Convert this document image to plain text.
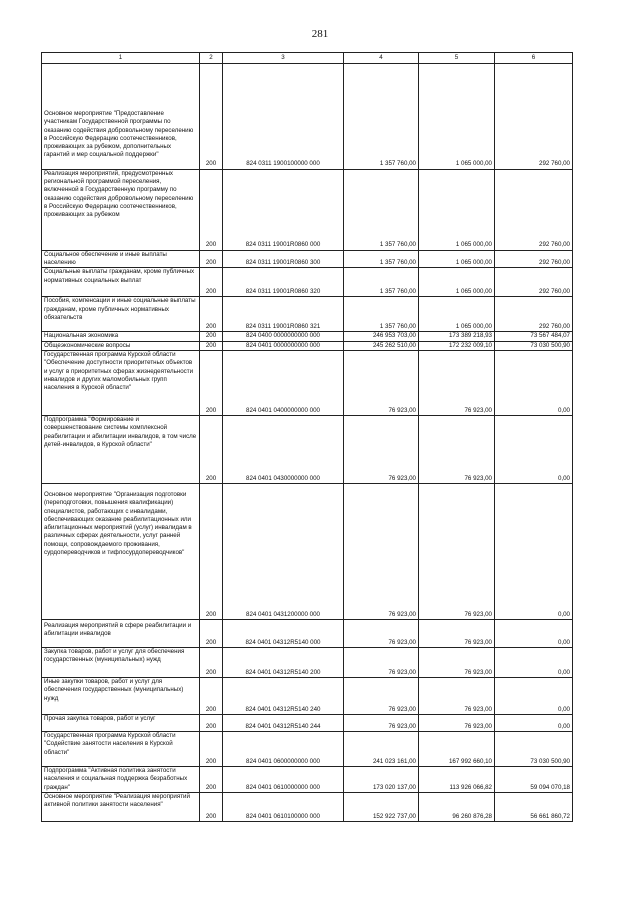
281
1	2	3	4	5	6

Основное мероприятие "Предоставление участникам Государственной программы по оказанию содействия добровольному переселению в Российскую Федерацию соотечественников, проживающих за рубежом, дополнительных гарантий и мер социальной поддержки"	200	824 0311 1900100000 000	1 357 760,00	1 065 000,00	292 760,00
Реализация мероприятий, предусмотренных региональной программой переселения, включенной в Государственную программу по оказанию содействия добровольному переселению в Российскую Федерацию соотечественников, проживающих за рубежом	200	824 0311 19001R0860 000	1 357 760,00	1 065 000,00	292 760,00
Социальное обеспечение и иные выплаты населению	200	824 0311 19001R0860 300	1 357 760,00	1 065 000,00	292 760,00
Социальные выплаты гражданам, кроме публичных нормативных социальных выплат	200	824 0311 19001R0860 320	1 357 760,00	1 065 000,00	292 760,00
Пособия, компенсации и иные социальные выплаты гражданам, кроме публичных нормативных обязательств	200	824 0311 19001R0860 321	1 357 760,00	1 065 000,00	292 760,00
Национальная экономика	200	824 0400 0000000000 000	246 953 703,00	173 389 218,93	73 567 484,07
Общеэкономические вопросы	200	824 0401 0000000000 000	245 262 510,00	172 232 009,10	73 030 500,90
Государственная программа Курской области "Обеспечение доступности приоритетных объектов и услуг в приоритетных сферах жизнедеятельности инвалидов и других маломобильных групп населения в Курской области"	200	824 0401 0400000000 000	76 923,00	76 923,00	0,00
Подпрограмма "Формирование и совершенствование системы комплексной реабилитации и абилитации инвалидов, в том числе детей-инвалидов, в Курской области"	200	824 0401 0430000000 000	76 923,00	76 923,00	0,00

Основное мероприятие "Организация подготовки (переподготовки, повышения квалификации) специалистов, работающих с инвалидами, обеспечивающих оказание реабилитационных или абилитационных мероприятий (услуг) инвалидам в различных сферах деятельности, услуг ранней помощи, сопровождаемого проживания, сурдопереводчиков и тифлосурдопереводчиков"	200	824 0401 0431200000 000	76 923,00	76 923,00	0,00

Реализация мероприятий в сфере реабилитации и абилитации инвалидов	200	824 0401 04312R5140 000	76 923,00	76 923,00	0,00
Закупка товаров, работ и услуг для обеспечения государственных (муниципальных) нужд	200	824 0401 04312R5140 200	76 923,00	76 923,00	0,00
Иные закупки товаров, работ и услуг для обеспечения государственных (муниципальных) нужд	200	824 0401 04312R5140 240	76 923,00	76 923,00	0,00
Прочая закупка товаров, работ и услуг	200	824 0401 04312R5140 244	76 923,00	76 923,00	0,00
Государственная программа Курской области "Содействие занятости населения в Курской области"	200	824 0401 0600000000 000	241 023 161,00	167 992 660,10	73 030 500,90
Подпрограмма "Активная политика занятости населения и социальная поддержка безработных граждан"	200	824 0401 0610000000 000	173 020 137,00	113 926 066,82	59 094 070,18
Основное мероприятие "Реализация мероприятий активной политики занятости населения"	200	824 0401 0610100000 000	152 922 737,00	96 260 876,28	56 661 860,72
